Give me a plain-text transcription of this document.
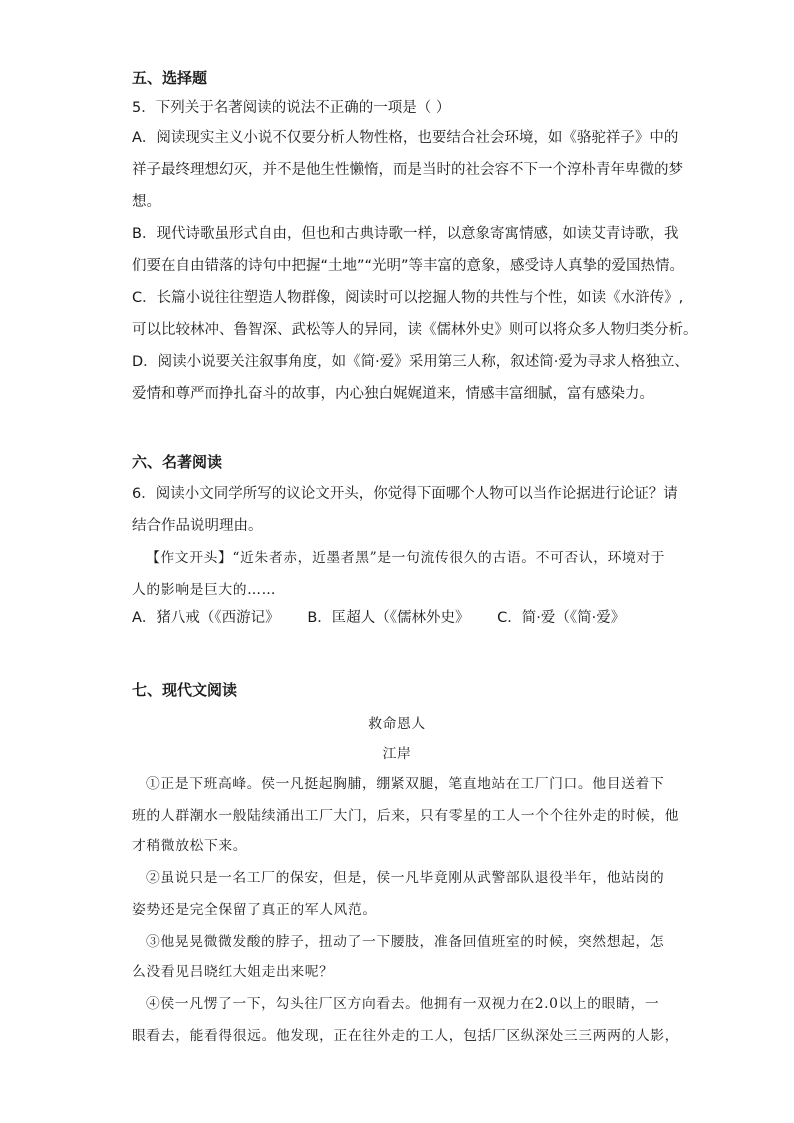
五、选择题
5．下列关于名著阅读的说法不正确的一项是（ ）
A．阅读现实主义小说不仅要分析人物性格，也要结合社会环境，如《骆驼祥子》中的
祥子最终理想幻灭，并不是他生性懒惰，而是当时的社会容不下一个淳朴青年卑微的梦
想。
B．现代诗歌虽形式自由，但也和古典诗歌一样，以意象寄寓情感，如读艾青诗歌，我
们要在自由错落的诗句中把握“土地”“光明”等丰富的意象，感受诗人真挚的爱国热情。
C．长篇小说往往塑造人物群像，阅读时可以挖掘人物的共性与个性，如读《水浒传》,
可以比较林冲、鲁智深、武松等人的异同，读《儒林外史》则可以将众多人物归类分析。
D．阅读小说要关注叙事角度，如《简·爱》采用第三人称，叙述简·爱为寻求人格独立、
爱情和尊严而挣扎奋斗的故事，内心独白娓娓道来，情感丰富细腻，富有感染力。
六、名著阅读
6．阅读小文同学所写的议论文开头，你觉得下面哪个人物可以当作论据进行论证？请
结合作品说明理由。
【作文开头】“近朱者赤，近墨者黑”是一句流传很久的古语。不可否认，环境对于
人的影响是巨大的……
A．猪八戒（《西游记》      B．匡超人（《儒林外史》      C．简·爱（《简·爱》
七、现代文阅读
救命恩人
江岸
①正是下班高峰。侯一凡挺起胸脯，绷紧双腿，笔直地站在工厂门口。他目送着下
班的人群潮水一般陆续涌出工厂大门，后来，只有零星的工人一个个往外走的时候，他
才稍微放松下来。
②虽说只是一名工厂的保安，但是，侯一凡毕竟刚从武警部队退役半年，他站岗的
姿势还是完全保留了真正的军人风范。
③他晃晃微微发酸的脖子，扭动了一下腰肢，准备回值班室的时候，突然想起，怎
么没看见吕晓红大姐走出来呢？
④侯一凡愣了一下，勾头往厂区方向看去。他拥有一双视力在2.0以上的眼睛，一
眼看去，能看得很远。他发现，正在往外走的工人，包括厂区纵深处三三两两的人影，
